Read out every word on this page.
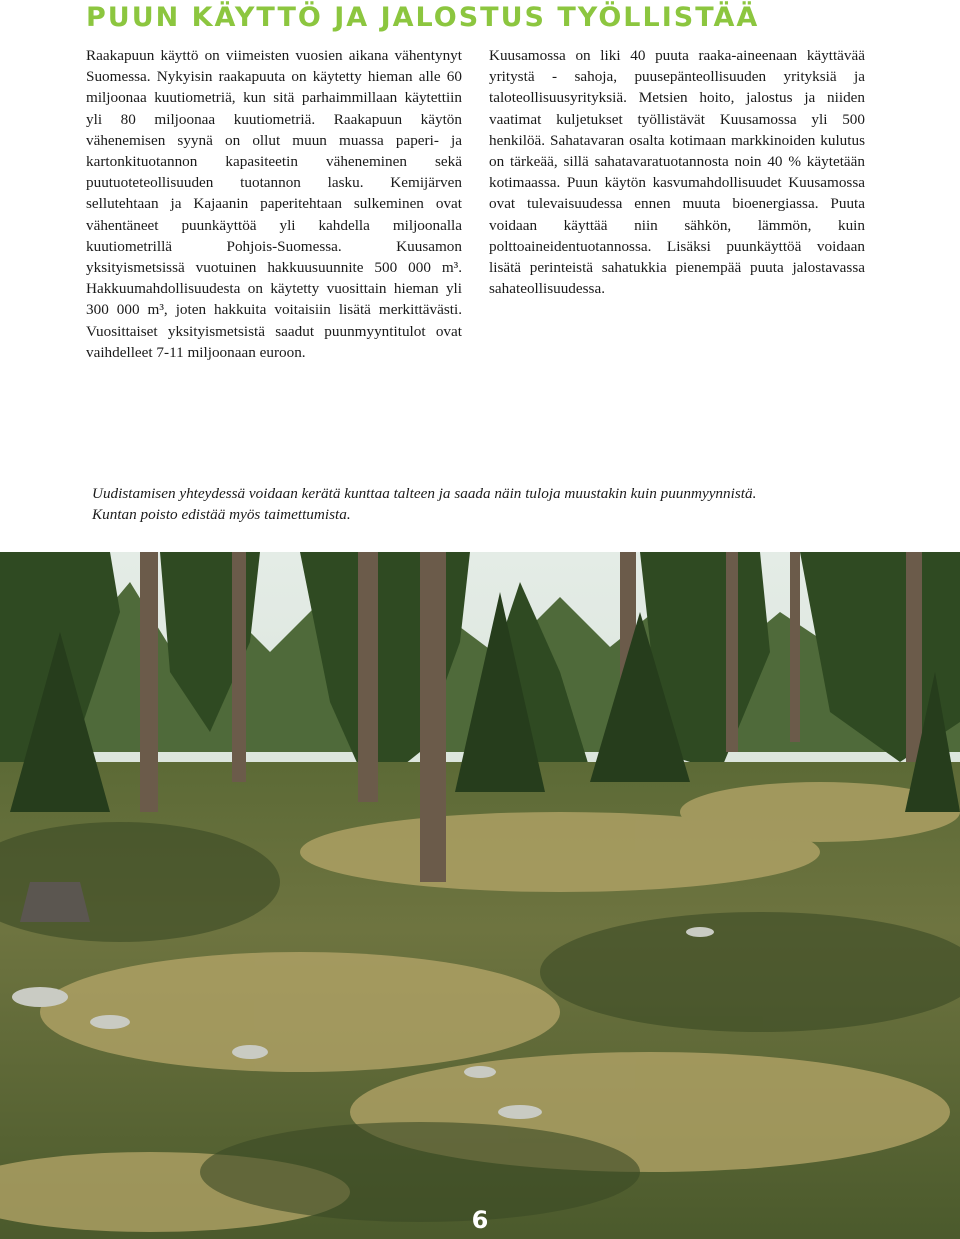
PUUN KÄYTTÖ JA JALOSTUS TYÖLLISTÄÄ

Raakapuun käyttö on viimeisten vuosien aikana vähentynyt Suomessa. Nykyisin raakapuuta on käytetty hieman alle 60 miljoonaa kuutiometriä, kun sitä parhaimmillaan käytettiin yli 80 miljoonaa kuutiometriä. Raakapuun käytön vähenemisen syynä on ollut muun muassa paperi- ja kartonkituotannon kapasiteetin väheneminen sekä puutuoteteollisuuden tuotannon lasku. Kemijärven sellutehtaan ja Kajaanin paperitehtaan sulkeminen ovat vähentäneet puunkäyttöä yli kahdella miljoonalla kuutiometrillä Pohjois-Suomessa. Kuusamon yksityismetsissä vuotuinen hakkuusuunnite 500 000 m³. Hakkuumahdollisuudesta on käytetty vuosittain hieman yli 300 000 m³, joten hakkuita voitaisiin lisätä merkittävästi. Vuosittaiset yksityismetsistä saadut puunmyyntitulot ovat vaihdelleet 7-11 miljoonaan euroon.

Kuusamossa on liki 40 puuta raaka-aineenaan käyttävää yritystä - sahoja, puusepänteollisuuden yrityksiä ja taloteollisuusyrityksiä. Metsien hoito, jalostus ja niiden vaatimat kuljetukset työllistävät Kuusamossa yli 500 henkilöä. Sahatavaran osalta kotimaan markkinoiden kulutus on tärkeää, sillä sahatavaratuotannosta noin 40 % käytetään kotimaassa. Puun käytön kasvumahdollisuudet Kuusamossa ovat tulevaisuudessa ennen muuta bioenergiassa. Puuta voidaan käyttää niin sähkön, lämmön, kuin polttoaineidentuotannossa. Lisäksi puunkäyttöä voidaan lisätä perinteistä sahatukkia pienempää puuta jalostavassa sahateollisuudessa.

Uudistamisen yhteydessä voidaan kerätä kunttaa talteen ja saada näin tuloja muustakin kuin puunmyynnistä. Kuntan poisto edistää myös taimettumista.

6
